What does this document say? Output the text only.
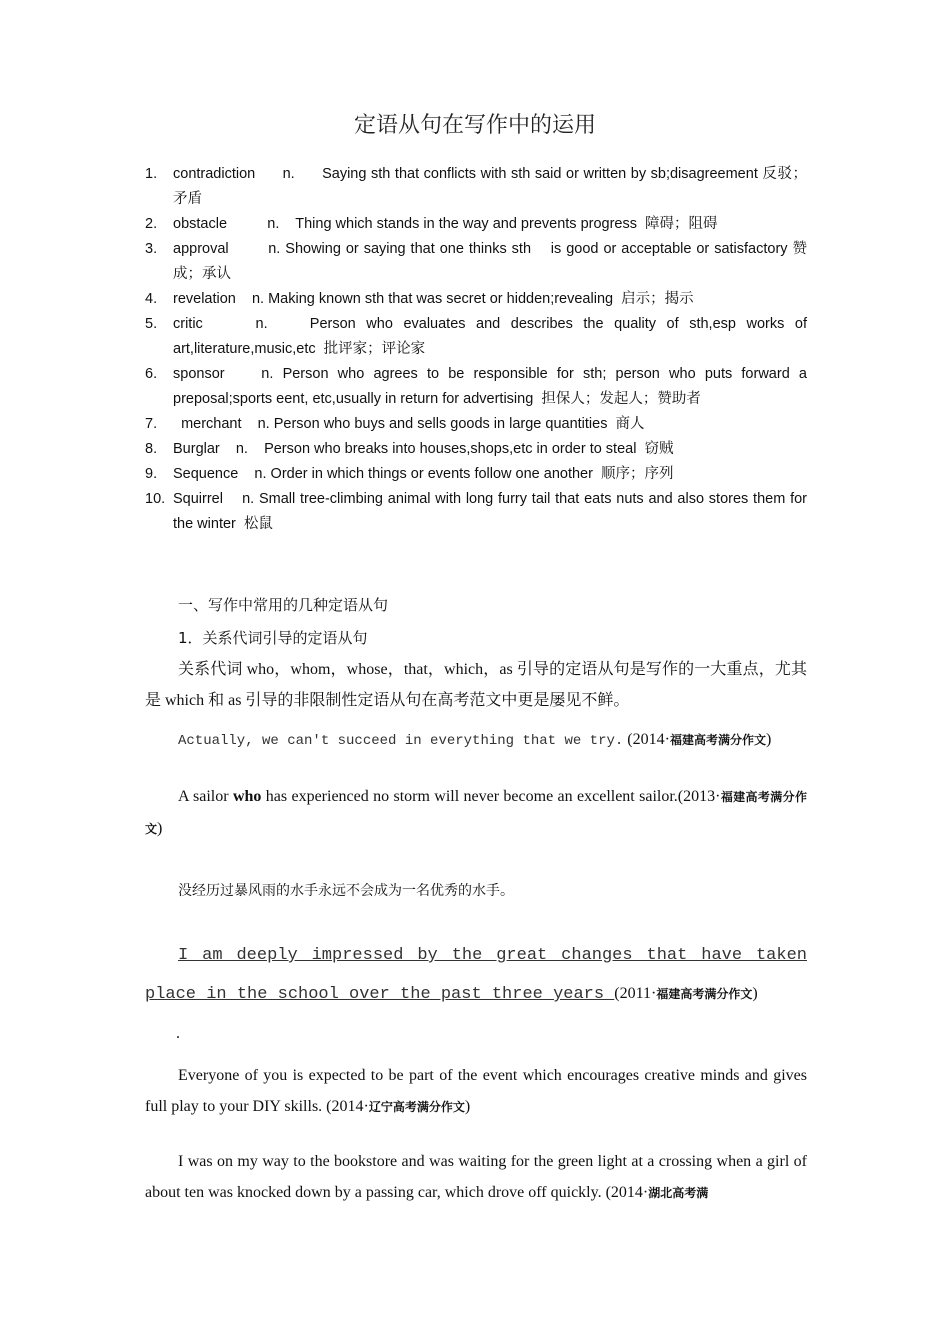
定语从句在写作中的运用
1.	contradiction      n.      Saying sth that conflicts with sth said or written by sb;disagreement 反驳；矛盾
2.	obstacle          n.    Thing which stands in the way and prevents progress  障碍；阻碍
3.	approval        n. Showing or saying that one thinks sth    is good or acceptable or satisfactory 赞成；承认
4.	revelation    n. Making known sth that was secret or hidden;revealing  启示；揭示
5.	critic     n.    Person who evaluates and describes the quality of sth,esp works of art,literature,music,etc  批评家；评论家
6.	sponsor    n. Person who agrees to be responsible for sth; person who puts forward a preposal;sports eent, etc,usually in return for advertising  担保人；发起人；赞助者
7.	merchant    n. Person who buys and sells goods in large quantities  商人
8.	Burglar    n.    Person who breaks into houses,shops,etc in order to steal  窃贼
9.	Sequence    n. Order in which things or events follow one another  顺序；序列
10. Squirrel    n. Small tree-climbing animal with long furry tail that eats nuts and also stores them for the winter  松鼠
一、写作中常用的几种定语从句
1．关系代词引导的定语从句
关系代词 who，whom，whose，that，which，as 引导的定语从句是写作的一大重点，尤其是 which 和 as 引导的非限制性定语从句在高考范文中更是屡见不鲜。
Actually, we can't succeed in everything that we try. (2014·福建高考满分作文)
A sailor who has experienced no storm will never become an excellent sailor.(2013·福建高考满分作文)
没经历过暴风雨的水手永远不会成为一名优秀的水手。
I am deeply impressed by the great changes that have taken place in the school over the past three years (2011·福建高考满分作文)
.
Everyone of you is expected to be part of the event which encourages creative minds and gives full play to your DIY skills. (2014·辽宁高考满分作文)
I was on my way to the bookstore and was waiting for the green light at a crossing when a girl of about ten was knocked down by a passing car, which drove off quickly. (2014·湖北高考满
